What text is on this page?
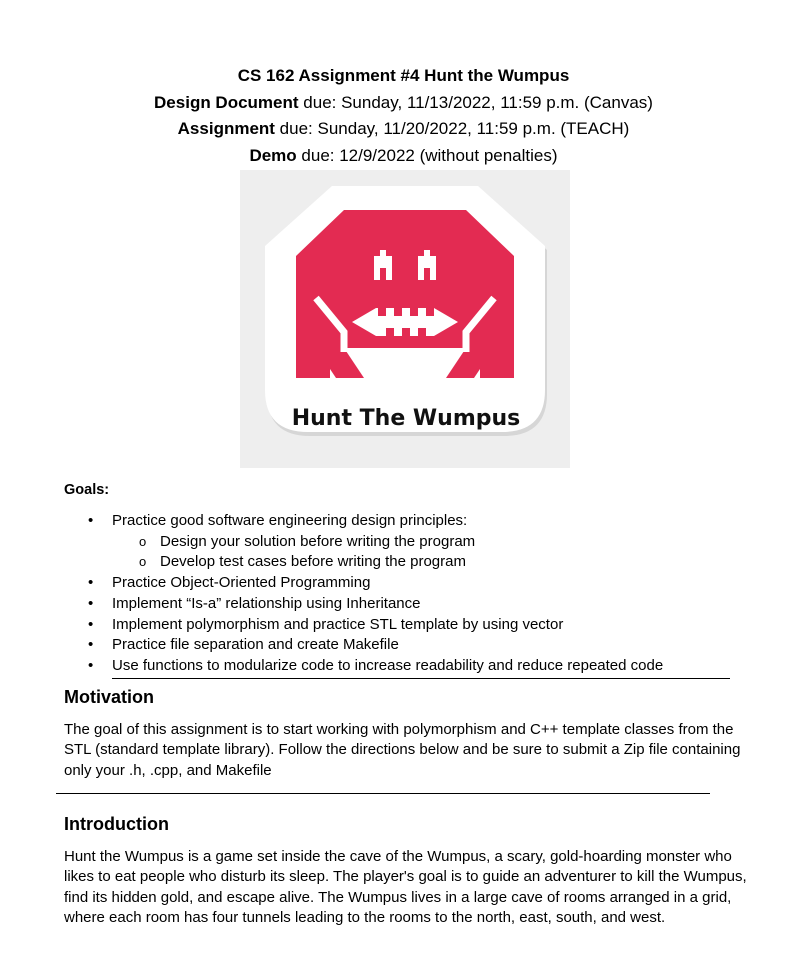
CS 162 Assignment #4 Hunt the Wumpus
Design Document due: Sunday, 11/13/2022, 11:59 p.m. (Canvas)
Assignment due: Sunday, 11/20/2022, 11:59 p.m. (TEACH)
Demo due: 12/9/2022 (without penalties)
Hunt The Wumpus
Goals:
• Practice good software engineering design principles:
o Design your solution before writing the program
o Develop test cases before writing the program
• Practice Object-Oriented Programming
• Implement “Is-a” relationship using Inheritance
• Implement polymorphism and practice STL template by using vector
• Practice file separation and create Makefile
• Use functions to modularize code to increase readability and reduce repeated code
Motivation
The goal of this assignment is to start working with polymorphism and C++ template classes from the STL (standard template library). Follow the directions below and be sure to submit a Zip file containing only your .h, .cpp, and Makefile
Introduction
Hunt the Wumpus is a game set inside the cave of the Wumpus, a scary, gold-hoarding monster who likes to eat people who disturb its sleep. The player's goal is to guide an adventurer to kill the Wumpus, find its hidden gold, and escape alive. The Wumpus lives in a large cave of rooms arranged in a grid, where each room has four tunnels leading to the rooms to the north, east, south, and west.
